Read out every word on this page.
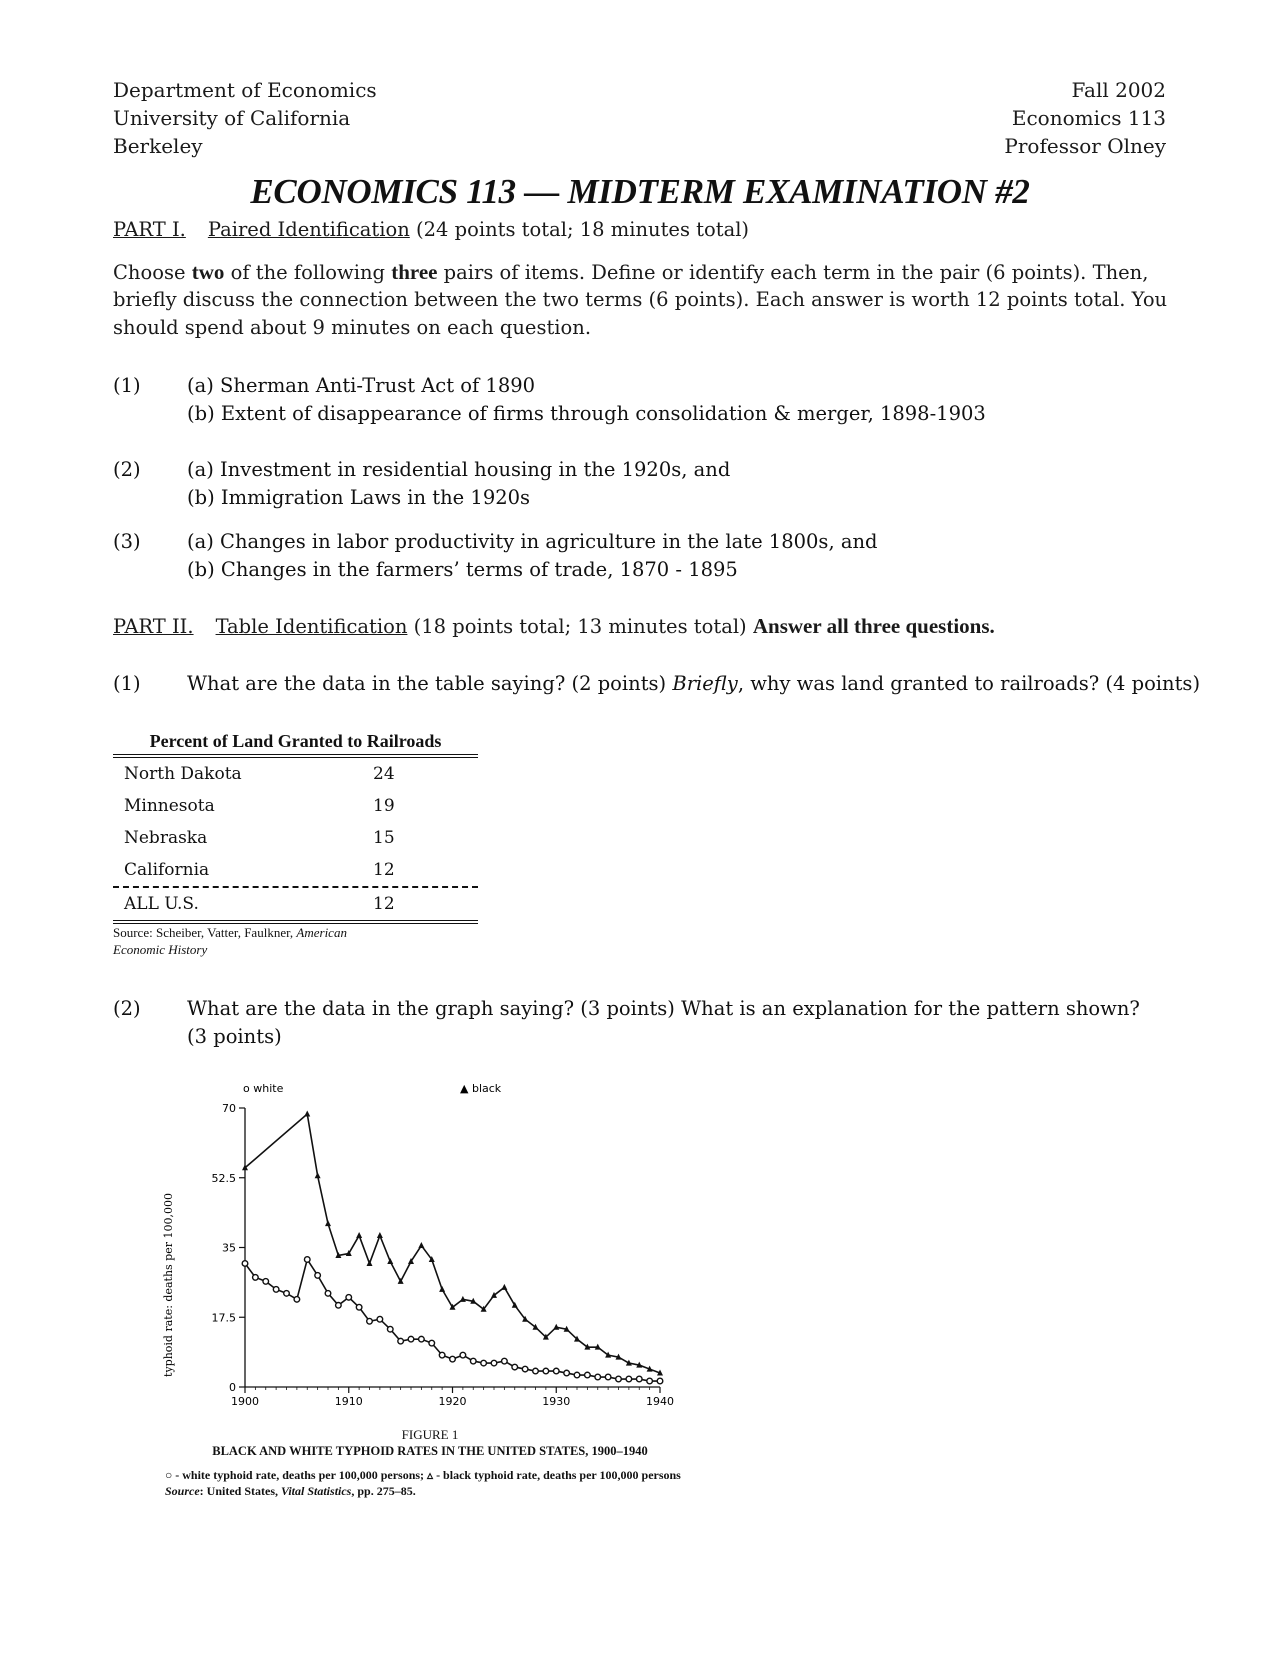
Department of Economics
University of California
Berkeley
Fall 2002
Economics 113
Professor Olney
ECONOMICS 113 — MIDTERM EXAMINATION #2
PART I. Paired Identification (24 points total; 18 minutes total)
Choose two of the following three pairs of items. Define or identify each term in the pair (6 points). Then,
briefly discuss the connection between the two terms (6 points). Each answer is worth 12 points total. You
should spend about 9 minutes on each question.
(1) (a) Sherman Anti-Trust Act of 1890
(b) Extent of disappearance of firms through consolidation & merger, 1898-1903
(2) (a) Investment in residential housing in the 1920s, and
(b) Immigration Laws in the 1920s
(3) (a) Changes in labor productivity in agriculture in the late 1800s, and
(b) Changes in the farmers’ terms of trade, 1870 - 1895
PART II. Table Identification (18 points total; 13 minutes total) Answer all three questions.
(1) What are the data in the table saying? (2 points) Briefly, why was land granted to railroads? (4 points)
Percent of Land Granted to Railroads
North Dakota	24
Minnesota	19
Nebraska	15
California	12
ALL U.S.	12
Source: Scheiber, Vatter, Faulkner, American
Economic History
(2) What are the data in the graph saying? (3 points) What is an explanation for the pattern shown?
(3 points)
0
17.5
35
52.5
70
1900	1910	1920	1930	1940
o white	▲ black
typhoid rate: deaths per 100,000
FIGURE 1
BLACK AND WHITE TYPHOID RATES IN THE UNITED STATES, 1900–1940
○ - white typhoid rate, deaths per 100,000 persons; ▵ - black typhoid rate, deaths per 100,000 persons
Source: United States, Vital Statistics, pp. 275–85.
